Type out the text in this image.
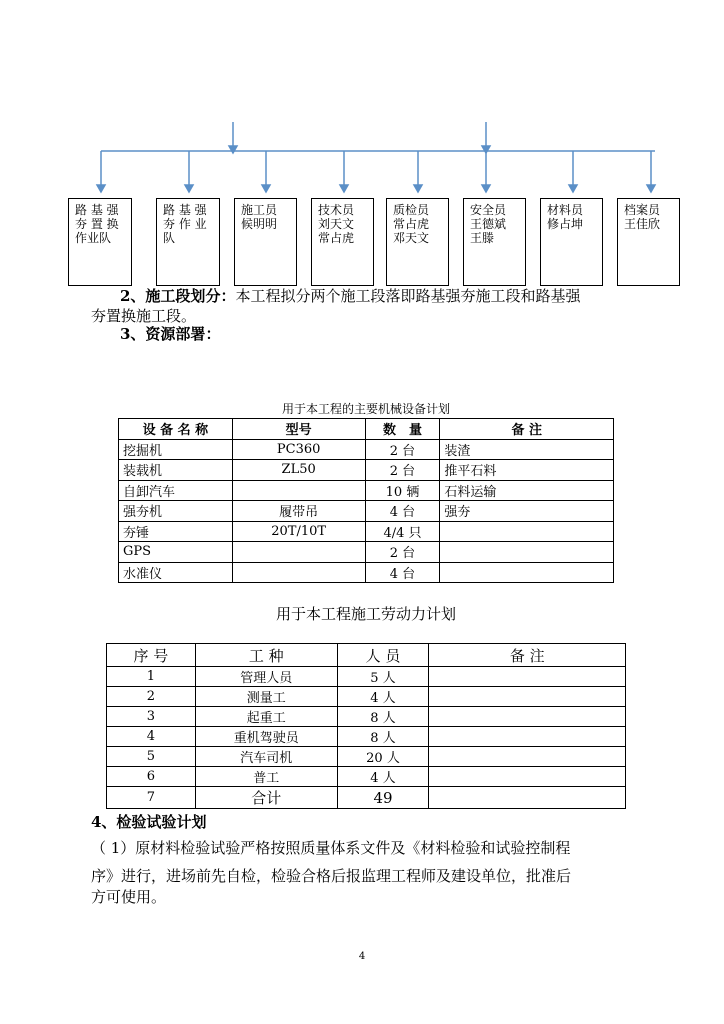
路 基 强
夯 置 换
作业队
路 基 强
夯 作 业
队
施工员
候明明
技术员
刘天文
常占虎
质检员
常占虎
邓天文
安全员
王德斌
王滕
材料员
修占坤
档案员
王佳欣
2、施工段划分：本工程拟分两个施工段落即路基强夯施工段和路基强
夯置换施工段。
3、资源部署：
用于本工程的主要机械设备计划
设 备 名 称	型号	数　量	备 注
挖掘机	PC360	2 台	装渣
装载机	ZL50	2 台	推平石料
自卸汽车		10 辆	石料运输
强夯机	履带吊	4 台	强夯
夯锤	20T/10T	4/4 只	
GPS		2 台	
水准仪		4 台	
用于本工程施工劳动力计划
序 号	工 种	人 员	备 注
1	管理人员	5 人	
2	测量工	4 人	
3	起重工	8 人	
4	重机驾驶员	8 人	
5	汽车司机	20 人	
6	普工	4 人	
7	合计	49	
4、检验试验计划
（ 1）原材料检验试验严格按照质量体系文件及《材料检验和试验控制程
序》进行，进场前先自检，检验合格后报监理工程师及建设单位，批准后
方可使用。
4
